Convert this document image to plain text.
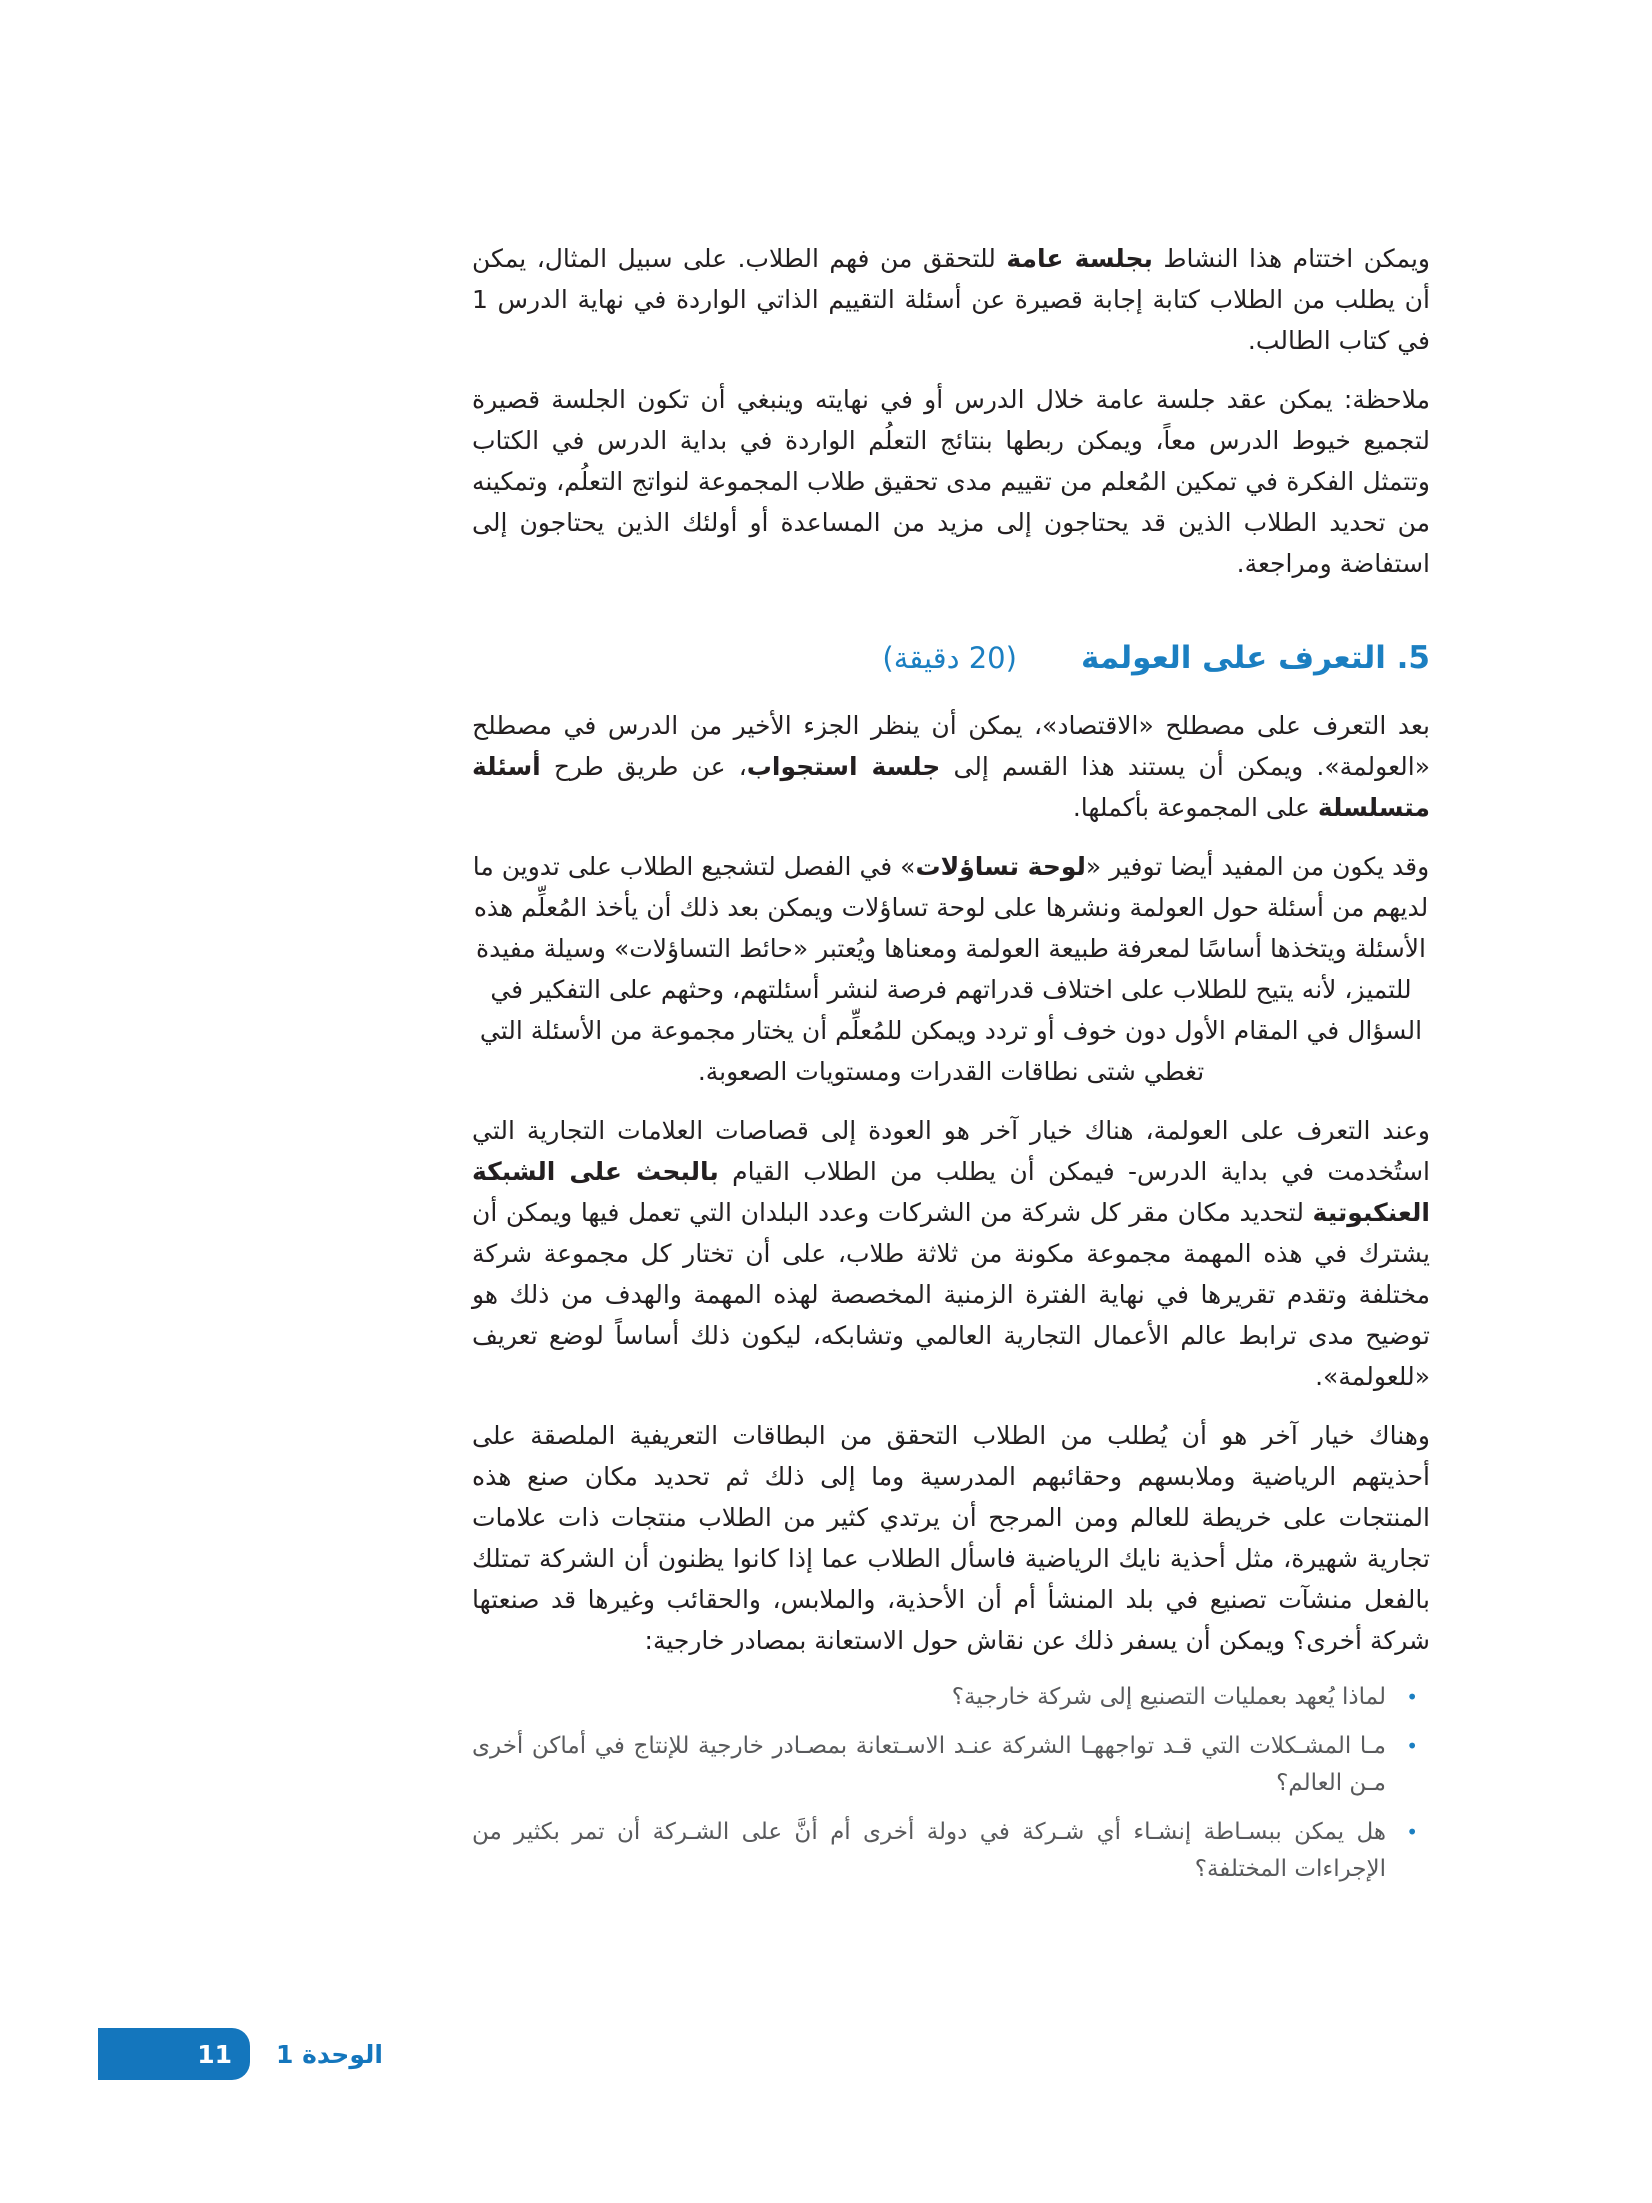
ويمكن اختتام هذا النشاط بجلسة عامة للتحقق من فهم الطلاب. على سبيل المثال، يمكن أن يطلب من الطلاب كتابة إجابة قصيرة عن أسئلة التقييم الذاتي الواردة في نهاية الدرس 1 في كتاب الطالب.

ملاحظة: يمكن عقد جلسة عامة خلال الدرس أو في نهايته وينبغي أن تكون الجلسة قصيرة لتجميع خيوط الدرس معاً، ويمكن ربطها بنتائج التعلُم الواردة في بداية الدرس في الكتاب وتتمثل الفكرة في تمكين المُعلم من تقييم مدى تحقيق طلاب المجموعة لنواتج التعلُم، وتمكينه من تحديد الطلاب الذين قد يحتاجون إلى مزيد من المساعدة أو أولئك الذين يحتاجون إلى استفاضة ومراجعة.

5. التعرف على العولمة
(20 دقيقة)

بعد التعرف على مصطلح «الاقتصاد»، يمكن أن ينظر الجزء الأخير من الدرس في مصطلح «العولمة». ويمكن أن يستند هذا القسم إلى جلسة استجواب، عن طريق طرح أسئلة متسلسلة على المجموعة بأكملها.

وقد يكون من المفيد أيضا توفير «لوحة تساؤلات» في الفصل لتشجيع الطلاب على تدوين ما لديهم من أسئلة حول العولمة ونشرها على لوحة تساؤلات ويمكن بعد ذلك أن يأخذ المُعلِّم هذه الأسئلة ويتخذها أساسًا لمعرفة طبيعة العولمة ومعناها ويُعتبر «حائط التساؤلات» وسيلة مفيدة للتميز، لأنه يتيح للطلاب على اختلاف قدراتهم فرصة لنشر أسئلتهم، وحثهم على التفكير في السؤال في المقام الأول دون خوف أو تردد ويمكن للمُعلِّم أن يختار مجموعة من الأسئلة التي تغطي شتى نطاقات القدرات ومستويات الصعوبة.

وعند التعرف على العولمة، هناك خيار آخر هو العودة إلى قصاصات العلامات التجارية التي استُخدمت في بداية الدرس- فيمكن أن يطلب من الطلاب القيام بالبحث على الشبكة العنكبوتية لتحديد مكان مقر كل شركة من الشركات وعدد البلدان التي تعمل فيها ويمكن أن يشترك في هذه المهمة مجموعة مكونة من ثلاثة طلاب، على أن تختار كل مجموعة شركة مختلفة وتقدم تقريرها في نهاية الفترة الزمنية المخصصة لهذه المهمة والهدف من ذلك هو توضيح مدى ترابط عالم الأعمال التجارية العالمي وتشابكه، ليكون ذلك أساساً لوضع تعريف «للعولمة».

وهناك خيار آخر هو أن يُطلب من الطلاب التحقق من البطاقات التعريفية الملصقة على أحذيتهم الرياضية وملابسهم وحقائبهم المدرسية وما إلى ذلك ثم تحديد مكان صنع هذه المنتجات على خريطة للعالم ومن المرجح أن يرتدي كثير من الطلاب منتجات ذات علامات تجارية شهيرة، مثل أحذية نايك الرياضية فاسأل الطلاب عما إذا كانوا يظنون أن الشركة تمتلك بالفعل منشآت تصنيع في بلد المنشأ أم أن الأحذية، والملابس، والحقائب وغيرها قد صنعتها شركة أخرى؟ ويمكن أن يسفر ذلك عن نقاش حول الاستعانة بمصادر خارجية:

•
لماذا يُعهد بعمليات التصنيع إلى شركة خارجية؟
•
مـا المشـكلات التي قـد تواجههـا الشركة عنـد الاسـتعانة بمصـادر خارجية للإنتاج في أماكن أخرى مـن العالم؟
•
هل يمكن ببسـاطة إنشـاء أي شـركة في دولة أخرى أم أنَّ على الشـركة أن تمر بكثير من الإجراءات المختلفة؟
11	الوحدة 1
